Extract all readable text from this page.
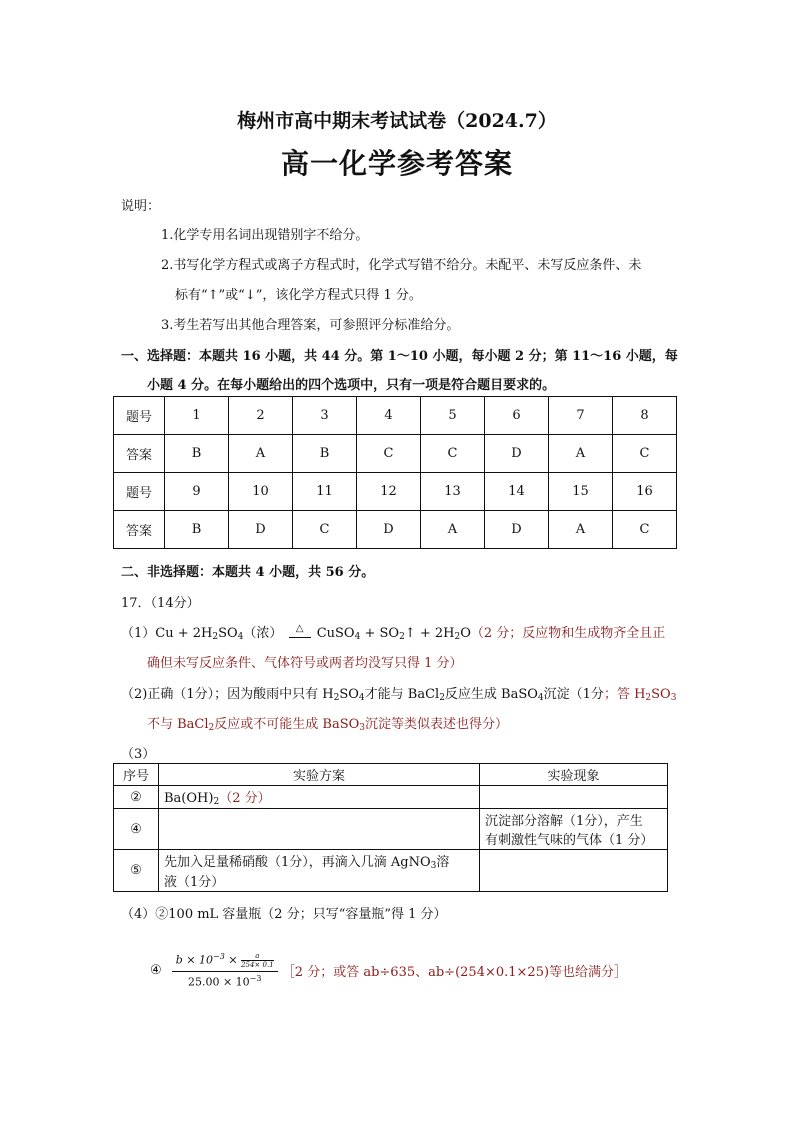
梅州市高中期末考试试卷（2024.7）
高一化学参考答案
说明：
1.化学专用名词出现错别字不给分。
2.书写化学方程式或离子方程式时，化学式写错不给分。未配平、未写反应条件、未
标有“↑”或“↓”，该化学方程式只得 1 分。
3.考生若写出其他合理答案，可参照评分标准给分。
一、选择题：本题共 16 小题，共 44 分。第 1～10 小题，每小题 2 分；第 11～16 小题，每
小题 4 分。在每小题给出的四个选项中，只有一项是符合题目要求的。
题号	1	2	3	4	5	6	7	8
答案	B	A	B	C	C	D	A	C
题号	9	10	11	12	13	14	15	16
答案	B	D	C	D	A	D	A	C
二、非选择题：本题共 4 小题，共 56 分。
17．（14分）
$(1)Cu + 2H_2SO_4$（浓） △ CuSO$_4$ + $SO_2↑ + 2H_2O(2$ 分；反应物和生成物齐全且正
确但未写反应条件、气体符号或两者均没写只得 1 分）
（2)正确（1分）；因为酸雨中只有 $H_2SO_4$才能与 BaCl$_2$反应生成 BaSO$_4$沉淀（1分；答 $H_2SO_3$
不与 BaCl$_2$反应或不可能生成 BaSO$_3$沉淀等类似表述也得分）
（3）
序号	实验方案	实验现象
②	$Ba(OH)_2(2$ 分）	
④		沉淀部分溶解（1分），产生
有刺激性气味的气体（1 分）

⑤	先加入足量稀硝酸（1分），再滴入几滴 AgNO$_3$溶
液（1分）	

（4）②100 mL 容量瓶（2 分；只写“容量瓶”得 1 分）
④ $\frac{b \times 10^{-3} \times \frac{a}{254\times 0.1}}{25.00 \times 10^{-3}}$ ［2 分；或答 ab÷635、ab÷(254×0.1×25)等也给满分］
